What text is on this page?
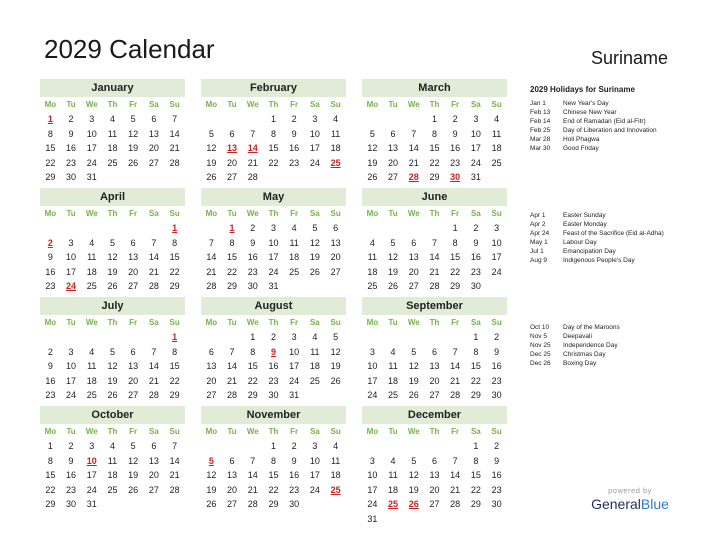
2029 Calendar	Suriname
January
Mo	Tu	We	Th	Fr	Sa	Su
1	2	3	4	5	6	7
8	9	10	11	12	13	14
15	16	17	18	19	20	21
22	23	24	25	26	27	28
29	30	31				
February
Mo	Tu	We	Th	Fr	Sa	Su
			1	2	3	4
5	6	7	8	9	10	11
12	13	14	15	16	17	18
19	20	21	22	23	24	25
26	27	28				
March
Mo	Tu	We	Th	Fr	Sa	Su
			1	2	3	4
5	6	7	8	9	10	11
12	13	14	15	16	17	18
19	20	21	22	23	24	25
26	27	28	29	30	31	
April
Mo	Tu	We	Th	Fr	Sa	Su
						1
2	3	4	5	6	7	8
9	10	11	12	13	14	15
16	17	18	19	20	21	22
23	24	25	26	27	28	29

May
Mo	Tu	We	Th	Fr	Sa	Su
	1	2	3	4	5	6
7	8	9	10	11	12	13
14	15	16	17	18	19	20
21	22	23	24	25	26	27
28	29	30	31			
June
Mo	Tu	We	Th	Fr	Sa	Su
				1	2	3
4	5	6	7	8	9	10
11	12	13	14	15	16	17
18	19	20	21	22	23	24
25	26	27	28	29	30	
July
Mo	Tu	We	Th	Fr	Sa	Su
						1
2	3	4	5	6	7	8
9	10	11	12	13	14	15
16	17	18	19	20	21	22
23	24	25	26	27	28	29

August
Mo	Tu	We	Th	Fr	Sa	Su
		1	2	3	4	5
6	7	8	9	10	11	12
13	14	15	16	17	18	19
20	21	22	23	24	25	26
27	28	29	30	31		
September
Mo	Tu	We	Th	Fr	Sa	Su
					1	2
3	4	5	6	7	8	9
10	11	12	13	14	15	16
17	18	19	20	21	22	23
24	25	26	27	28	29	30
October
Mo	Tu	We	Th	Fr	Sa	Su
1	2	3	4	5	6	7
8	9	10	11	12	13	14
15	16	17	18	19	20	21
22	23	24	25	26	27	28
29	30	31				
November
Mo	Tu	We	Th	Fr	Sa	Su
			1	2	3	4
5	6	7	8	9	10	11
12	13	14	15	16	17	18
19	20	21	22	23	24	25
26	27	28	29	30		
December
Mo	Tu	We	Th	Fr	Sa	Su
					1	2
3	4	5	6	7	8	9
10	11	12	13	14	15	16
17	18	19	20	21	22	23
24	25	26	27	28	29	30
31						
2029 Holidays for Suriname
Jan 1	New Year's Day
Feb 13	Chinese New Year
Feb 14	End of Ramadan (Eid al-Fitr)
Feb 25	Day of Liberation and Innovation
Mar 28	Holi Phagwa
Mar 30	Good Friday
Apr 1	Easter Sunday
Apr 2	Easter Monday
Apr 24	Feast of the Sacrifice (Eid al-Adha)
May 1	Labour Day
Jul 1	Emancipation Day
Aug 9	Indigenous People's Day
Oct 10	Day of the Maroons
Nov 5	Deepavali
Nov 25	Independence Day
Dec 25	Christmas Day
Dec 26	Boxing Day
powered by
GeneralBlue
